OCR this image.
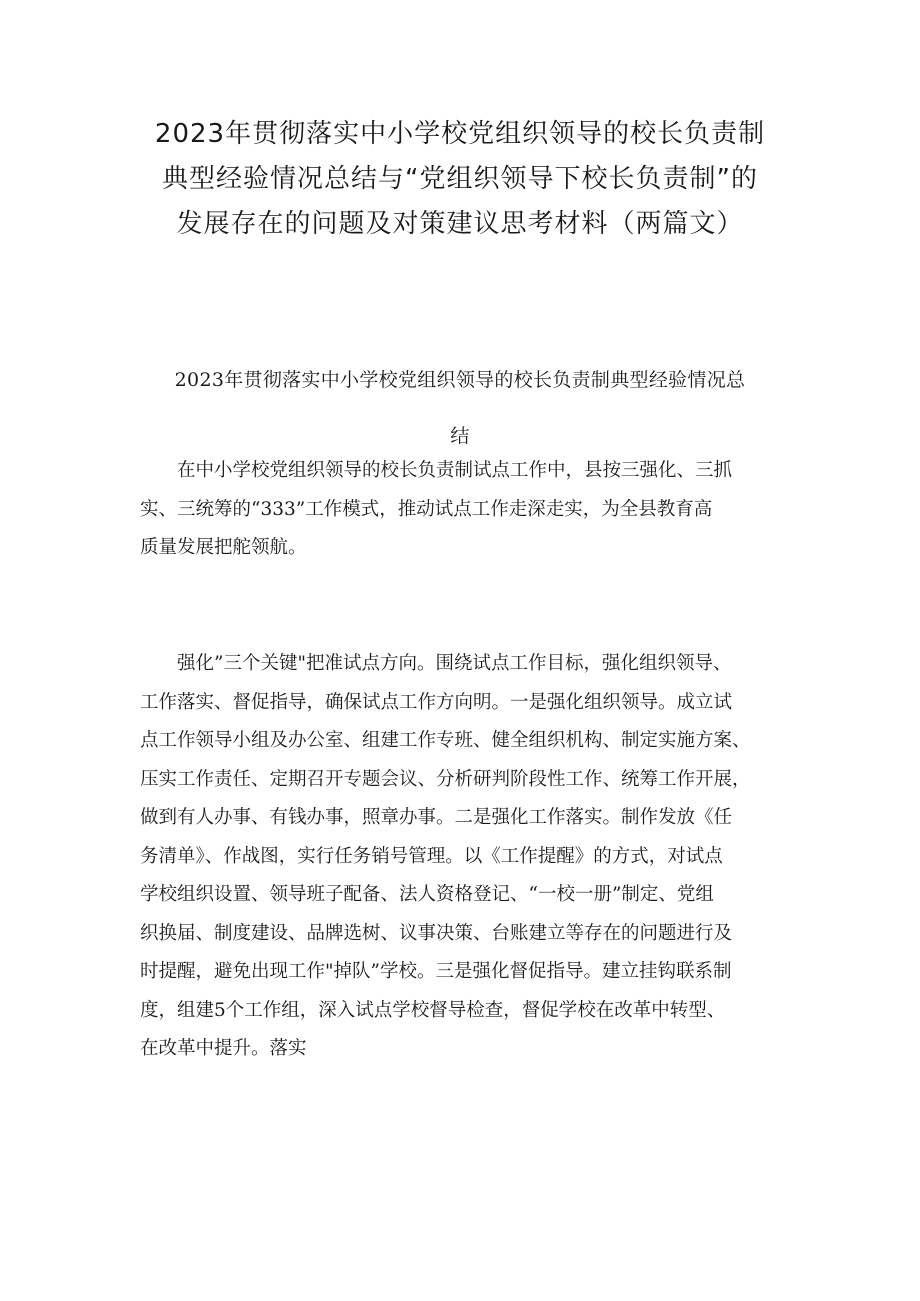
2023年贯彻落实中小学校党组织领导的校长负责制
典型经验情况总结与“党组织领导下校长负责制”的
发展存在的问题及对策建议思考材料（两篇文）
2023年贯彻落实中小学校党组织领导的校长负责制典型经验情况总
结
　　在中小学校党组织领导的校长负责制试点工作中，县按三强化、三抓
实、三统筹的“333”工作模式，推动试点工作走深走实，为全县教育高
质量发展把舵领航。
　　强化”三个关键"把准试点方向。围绕试点工作目标，强化组织领导、
工作落实、督促指导，确保试点工作方向明。一是强化组织领导。成立试
点工作领导小组及办公室、组建工作专班、健全组织机构、制定实施方案、
压实工作责任、定期召开专题会议、分析研判阶段性工作、统筹工作开展，
做到有人办事、有钱办事，照章办事。二是强化工作落实。制作发放《任
务清单》、作战图，实行任务销号管理。以《工作提醒》的方式，对试点
学校组织设置、领导班子配备、法人资格登记、“一校一册”制定、党组
织换届、制度建设、品牌选树、议事决策、台账建立等存在的问题进行及
时提醒，避免出现工作"掉队”学校。三是强化督促指导。建立挂钩联系制
度，组建5个工作组，深入试点学校督导检查，督促学校在改革中转型、
在改革中提升。落实
